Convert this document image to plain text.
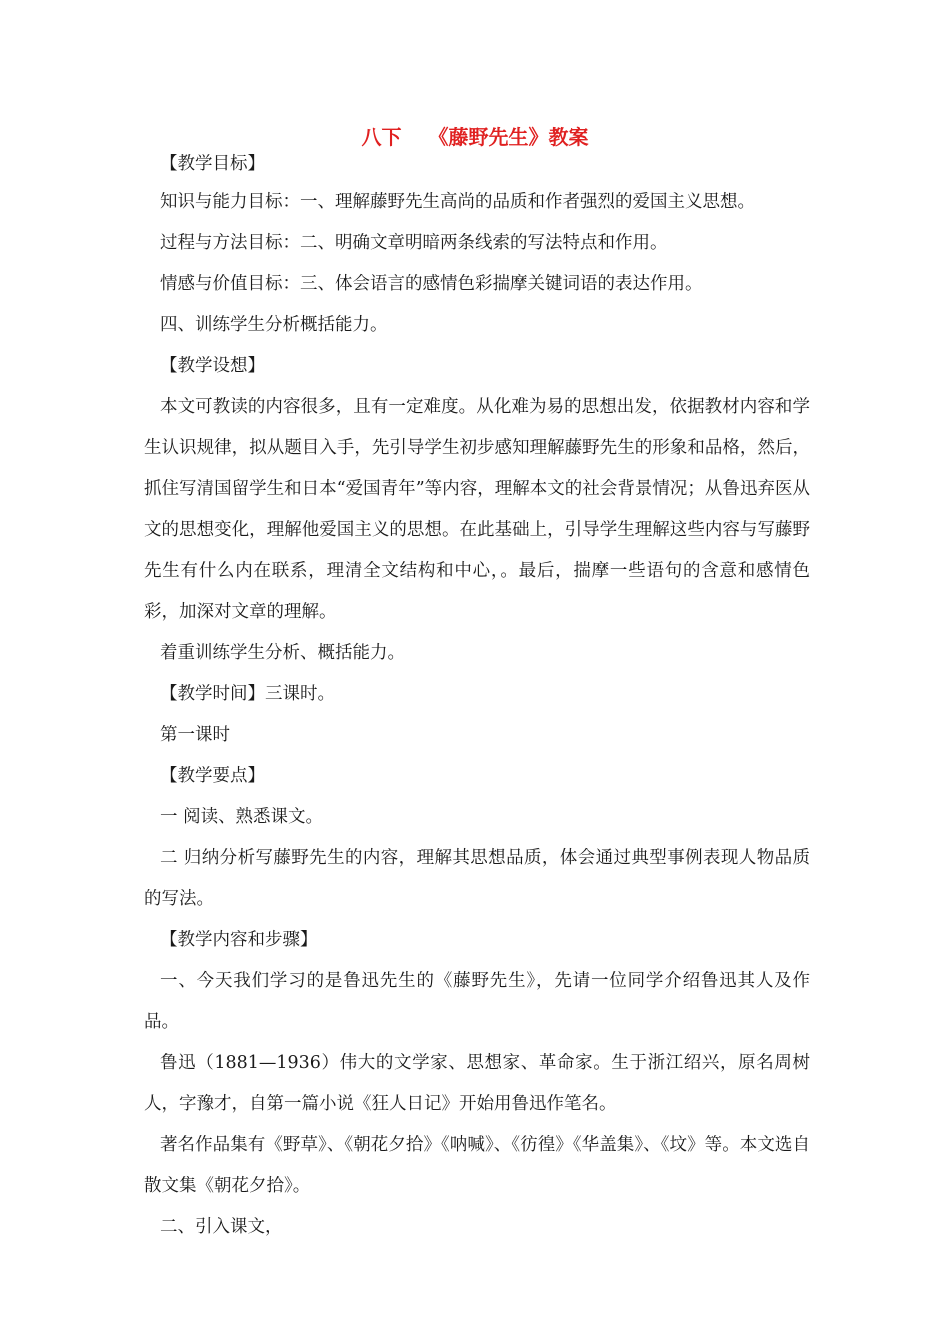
八下　 《藤野先生》教案

【教学目标】

知识与能力目标：一、理解藤野先生高尚的品质和作者强烈的爱国主义思想。

过程与方法目标：二、明确文章明暗两条线索的写法特点和作用。

情感与价值目标：三、体会语言的感情色彩揣摩关键词语的表达作用。

四、训练学生分析概括能力。

【教学设想】

本文可教读的内容很多，且有一定难度。从化难为易的思想出发，依据教材内容和学生认识规律，拟从题目入手，先引导学生初步感知理解藤野先生的形象和品格，然后，抓住写清国留学生和日本“爱国青年”等内容，理解本文的社会背景情况；从鲁迅弃医从文的思想变化，理解他爱国主义的思想。在此基础上，引导学生理解这些内容与写藤野先生有什么内在联系，理清全文结构和中心，。最后，揣摩一些语句的含意和感情色彩，加深对文章的理解。

着重训练学生分析、概括能力。

【教学时间】三课时。

第一课时

【教学要点】

一 阅读、熟悉课文。

二 归纳分析写藤野先生的内容，理解其思想品质，体会通过典型事例表现人物品质的写法。

【教学内容和步骤】

一、今天我们学习的是鲁迅先生的《藤野先生》，先请一位同学介绍鲁迅其人及作品。

鲁迅（1881—1936）伟大的文学家、思想家、革命家。生于浙江绍兴，原名周树人，字豫才，自第一篇小说《狂人日记》开始用鲁迅作笔名。

著名作品集有《野草》、《朝花夕拾》《呐喊》、《彷徨》《华盖集》、《坟》等。本文选自散文集《朝花夕拾》。

二、引入课文，
